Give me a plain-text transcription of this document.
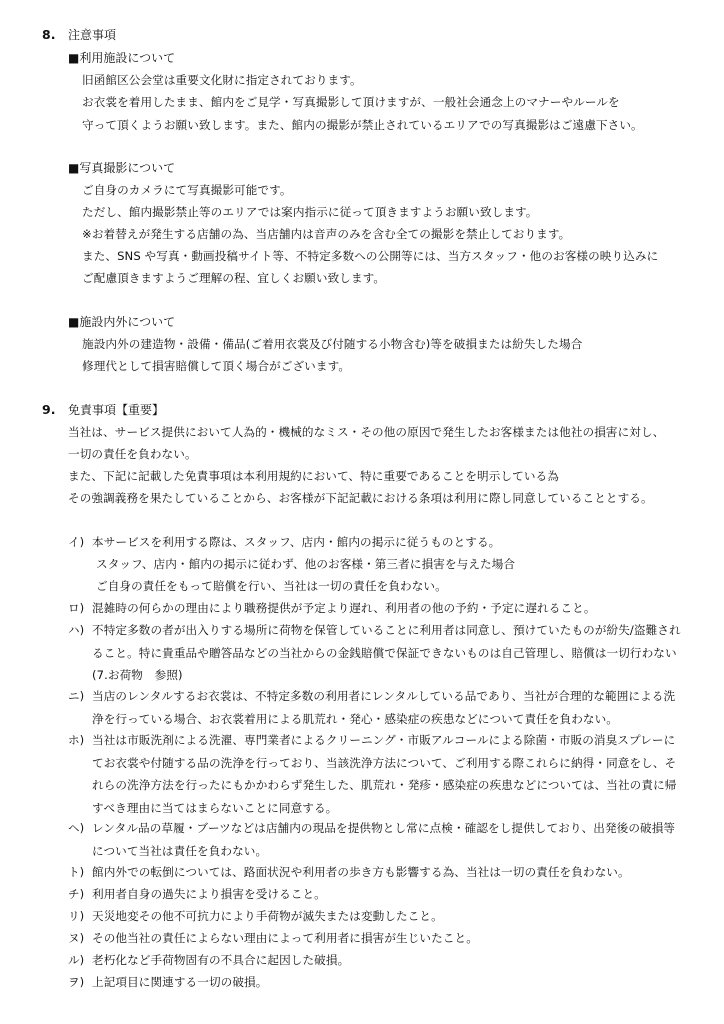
8. 注意事項
■利用施設について
旧函館区公会堂は重要文化財に指定されております。
お衣裳を着用したまま、館内をご見学・写真撮影して頂けますが、一般社会通念上のマナーやルールを
守って頂くようお願い致します。また、館内の撮影が禁止されているエリアでの写真撮影はご遠慮下さい。
■写真撮影について
ご自身のカメラにて写真撮影可能です。
ただし、館内撮影禁止等のエリアでは案内指示に従って頂きますようお願い致します。
※お着替えが発生する店舗の為、当店舗内は音声のみを含む全ての撮影を禁止しております。
また、SNS や写真・動画投稿サイト等、不特定多数への公開等には、当方スタッフ・他のお客様の映り込みに
ご配慮頂きますようご理解の程、宜しくお願い致します。
■施設内外について
施設内外の建造物・設備・備品(ご着用衣裳及び付随する小物含む)等を破損または紛失した場合
修理代として損害賠償して頂く場合がございます。
9. 免責事項【重要】
当社は、サービス提供において人為的・機械的なミス・その他の原因で発生したお客様または他社の損害に対し、
一切の責任を負わない。
また、下記に記載した免責事項は本利用規約において、特に重要であることを明示している為
その強調義務を果たしていることから、お客様が下記記載における条項は利用に際し同意していることとする。
イ) 本サービスを利用する際は、スタッフ、店内・館内の掲示に従うものとする。
スタッフ、店内・館内の掲示に従わず、他のお客様・第三者に損害を与えた場合
ご自身の責任をもって賠償を行い、当社は一切の責任を負わない。
ロ) 混雑時の何らかの理由により職務提供が予定より遅れ、利用者の他の予約・予定に遅れること。
ハ) 不特定多数の者が出入りする場所に荷物を保管していることに利用者は同意し、預けていたものが紛失/盗難されること。特に貴重品や贈答品などの当社からの金銭賠償で保証できないものは自己管理し、賠償は一切行わない(7.お荷物　参照)
ニ) 当店のレンタルするお衣裳は、不特定多数の利用者にレンタルしている品であり、当社が合理的な範囲による洗浄を行っている場合、お衣裳着用による肌荒れ・発心・感染症の疾患などについて責任を負わない。
ホ) 当社は市販洗剤による洗濯、専門業者によるクリーニング・市販アルコールによる除菌・市販の消臭スプレーにてお衣裳や付随する品の洗浄を行っており、当該洗浄方法について、ご利用する際これらに納得・同意をし、それらの洗浄方法を行ったにもかかわらず発生した、肌荒れ・発疹・感染症の疾患などについては、当社の責に帰すべき理由に当てはまらないことに同意する。
ヘ) レンタル品の草履・ブーツなどは店舗内の現品を提供物とし常に点検・確認をし提供しており、出発後の破損等について当社は責任を負わない。
ト) 館内外での転倒については、路面状況や利用者の歩き方も影響する為、当社は一切の責任を負わない。
チ) 利用者自身の過失により損害を受けること。
リ) 天災地変その他不可抗力により手荷物が滅失または変動したこと。
ヌ) その他当社の責任によらない理由によって利用者に損害が生じいたこと。
ル) 老朽化など手荷物固有の不具合に起因した破損。
ヲ) 上記項目に関連する一切の破損。
